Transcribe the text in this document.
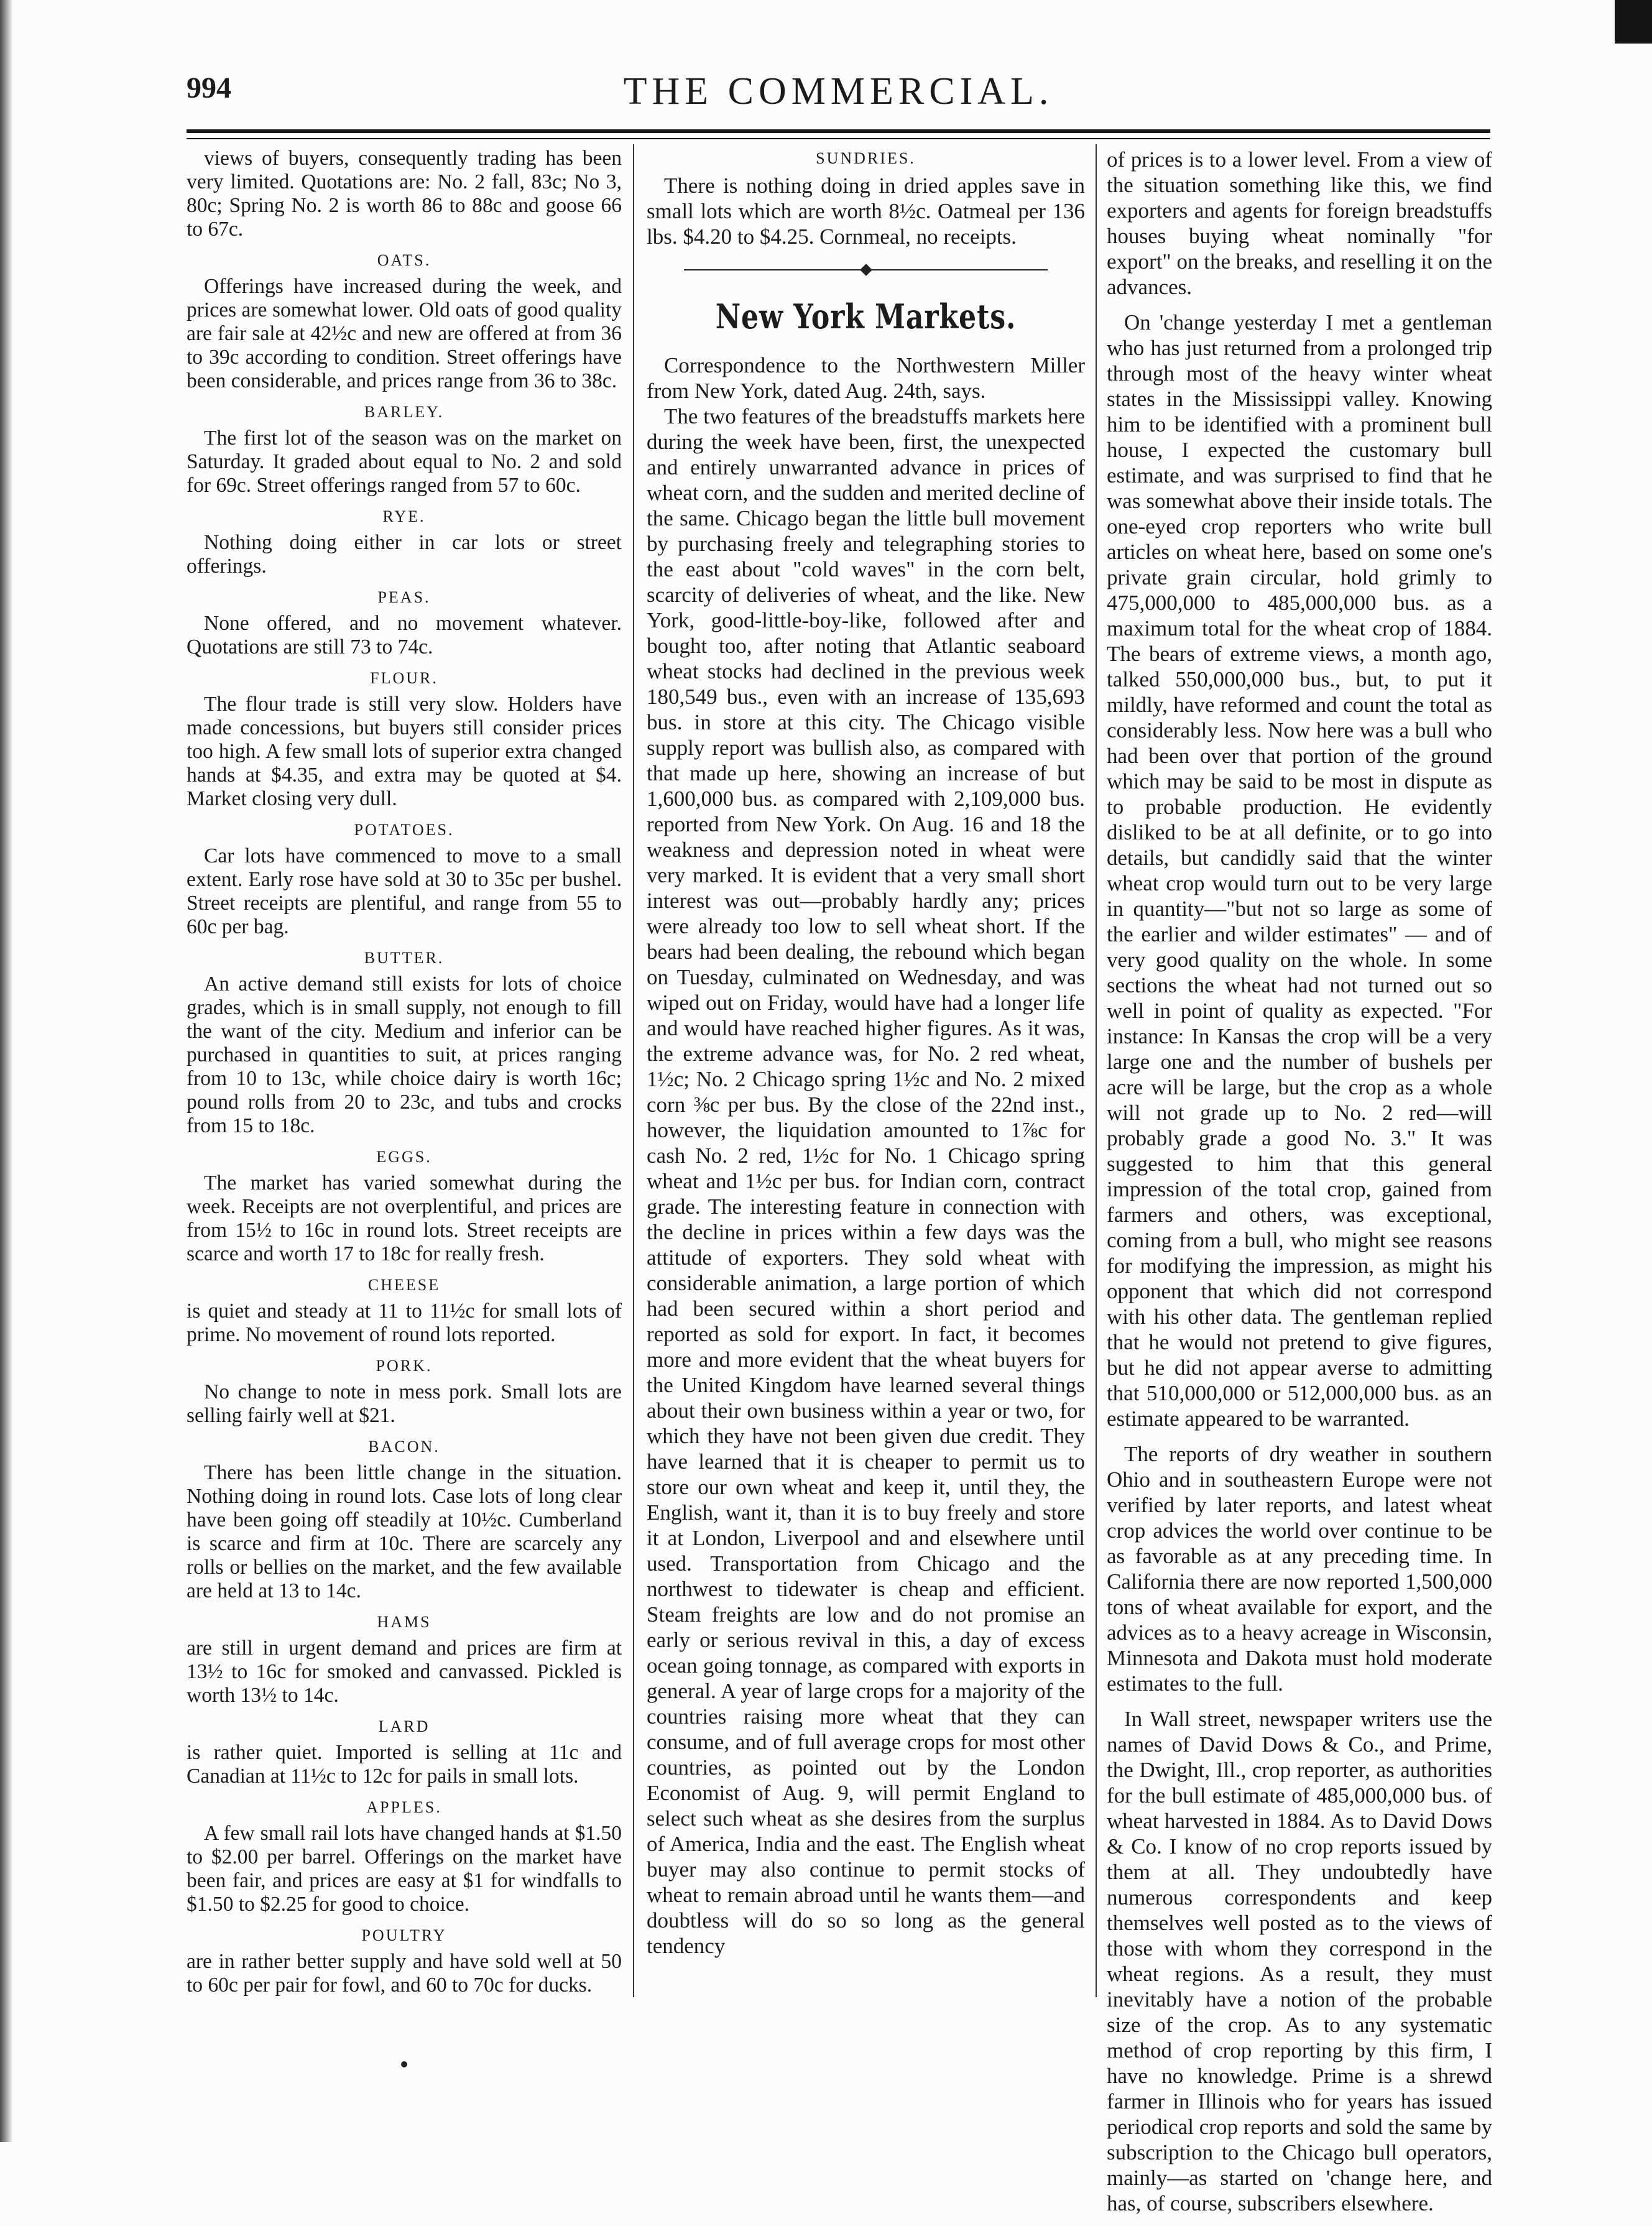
994	THE COMMERCIAL.

views of buyers, consequently trading has been very limited. Quotations are: No. 2 fall, 83c; No 3, 80c; Spring No. 2 is worth 86 to 88c and goose 66 to 67c.

OATS.

Offerings have increased during the week, and prices are somewhat lower. Old oats of good quality are fair sale at 42½c and new are offered at from 36 to 39c according to condition. Street offerings have been considerable, and prices range from 36 to 38c.

BARLEY.

The first lot of the season was on the market on Saturday. It graded about equal to No. 2 and sold for 69c. Street offerings ranged from 57 to 60c.

RYE.

Nothing doing either in car lots or street offerings.

PEAS.

None offered, and no movement whatever. Quotations are still 73 to 74c.

FLOUR.

The flour trade is still very slow. Holders have made concessions, but buyers still consider prices too high. A few small lots of superior extra changed hands at $4.35, and extra may be quoted at $4. Market closing very dull.

POTATOES.

Car lots have commenced to move to a small extent. Early rose have sold at 30 to 35c per bushel. Street receipts are plentiful, and range from 55 to 60c per bag.

BUTTER.

An active demand still exists for lots of choice grades, which is in small supply, not enough to fill the want of the city. Medium and inferior can be purchased in quantities to suit, at prices ranging from 10 to 13c, while choice dairy is worth 16c; pound rolls from 20 to 23c, and tubs and crocks from 15 to 18c.

EGGS.

The market has varied somewhat during the week. Receipts are not overplentiful, and prices are from 15½ to 16c in round lots. Street receipts are scarce and worth 17 to 18c for really fresh.

CHEESE

is quiet and steady at 11 to 11½c for small lots of prime. No movement of round lots reported.

PORK.

No change to note in mess pork. Small lots are selling fairly well at $21.

BACON.

There has been little change in the situation. Nothing doing in round lots. Case lots of long clear have been going off steadily at 10½c. Cumberland is scarce and firm at 10c. There are scarcely any rolls or bellies on the market, and the few available are held at 13 to 14c.

HAMS

are still in urgent demand and prices are firm at 13½ to 16c for smoked and canvassed. Pickled is worth 13½ to 14c.

LARD

is rather quiet. Imported is selling at 11c and Canadian at 11½c to 12c for pails in small lots.

APPLES.

A few small rail lots have changed hands at $1.50 to $2.00 per barrel. Offerings on the market have been fair, and prices are easy at $1 for windfalls to $1.50 to $2.25 for good to choice.

POULTRY

are in rather better supply and have sold well at 50 to 60c per pair for fowl, and 60 to 70c for ducks.

SUNDRIES.

There is nothing doing in dried apples save in small lots which are worth 8½c. Oatmeal per 136 lbs. $4.20 to $4.25. Cornmeal, no receipts.

New York Markets.

Correspondence to the Northwestern Miller from New York, dated Aug. 24th, says.

The two features of the breadstuffs markets here during the week have been, first, the unexpected and entirely unwarranted advance in prices of wheat corn, and the sudden and merited decline of the same. Chicago began the little bull movement by purchasing freely and telegraphing stories to the east about "cold waves" in the corn belt, scarcity of deliveries of wheat, and the like. New York, good-little-boy-like, followed after and bought too, after noting that Atlantic seaboard wheat stocks had declined in the previous week 180,549 bus., even with an increase of 135,693 bus. in store at this city. The Chicago visible supply report was bullish also, as compared with that made up here, showing an increase of but 1,600,000 bus. as compared with 2,109,000 bus. reported from New York. On Aug. 16 and 18 the weakness and depression noted in wheat were very marked. It is evident that a very small short interest was out—probably hardly any; prices were already too low to sell wheat short. If the bears had been dealing, the rebound which began on Tuesday, culminated on Wednesday, and was wiped out on Friday, would have had a longer life and would have reached higher figures. As it was, the extreme advance was, for No. 2 red wheat, 1½c; No. 2 Chicago spring 1½c and No. 2 mixed corn ⅜c per bus. By the close of the 22nd inst., however, the liquidation amounted to 1⅞c for cash No. 2 red, 1½c for No. 1 Chicago spring wheat and 1½c per bus. for Indian corn, contract grade. The interesting feature in connection with the decline in prices within a few days was the attitude of exporters. They sold wheat with considerable animation, a large portion of which had been secured within a short period and reported as sold for export. In fact, it becomes more and more evident that the wheat buyers for the United Kingdom have learned several things about their own business within a year or two, for which they have not been given due credit. They have learned that it is cheaper to permit us to store our own wheat and keep it, until they, the English, want it, than it is to buy freely and store it at London, Liverpool and and elsewhere until used. Transportation from Chicago and the northwest to tidewater is cheap and efficient. Steam freights are low and do not promise an early or serious revival in this, a day of excess ocean going tonnage, as compared with exports in general. A year of large crops for a majority of the countries raising more wheat that they can consume, and of full average crops for most other countries, as pointed out by the London Economist of Aug. 9, will permit England to select such wheat as she desires from the surplus of America, India and the east. The English wheat buyer may also continue to permit stocks of wheat to remain abroad until he wants them—and doubtless will do so so long as the general tendency

of prices is to a lower level. From a view of the situation something like this, we find exporters and agents for foreign breadstuffs houses buying wheat nominally "for export" on the breaks, and reselling it on the advances.

On 'change yesterday I met a gentleman who has just returned from a prolonged trip through most of the heavy winter wheat states in the Mississippi valley. Knowing him to be identified with a prominent bull house, I expected the customary bull estimate, and was surprised to find that he was somewhat above their inside totals. The one-eyed crop reporters who write bull articles on wheat here, based on some one's private grain circular, hold grimly to 475,000,000 to 485,000,000 bus. as a maximum total for the wheat crop of 1884. The bears of extreme views, a month ago, talked 550,000,000 bus., but, to put it mildly, have reformed and count the total as considerably less. Now here was a bull who had been over that portion of the ground which may be said to be most in dispute as to probable production. He evidently disliked to be at all definite, or to go into details, but candidly said that the winter wheat crop would turn out to be very large in quantity—"but not so large as some of the earlier and wilder estimates" — and of very good quality on the whole. In some sections the wheat had not turned out so well in point of quality as expected. "For instance: In Kansas the crop will be a very large one and the number of bushels per acre will be large, but the crop as a whole will not grade up to No. 2 red—will probably grade a good No. 3." It was suggested to him that this general impression of the total crop, gained from farmers and others, was exceptional, coming from a bull, who might see reasons for modifying the impression, as might his opponent that which did not correspond with his other data. The gentleman replied that he would not pretend to give figures, but he did not appear averse to admitting that 510,000,000 or 512,000,000 bus. as an estimate appeared to be warranted.

The reports of dry weather in southern Ohio and in southeastern Europe were not verified by later reports, and latest wheat crop advices the world over continue to be as favorable as at any preceding time. In California there are now reported 1,500,000 tons of wheat available for export, and the advices as to a heavy acreage in Wisconsin, Minnesota and Dakota must hold moderate estimates to the full.

In Wall street, newspaper writers use the names of David Dows & Co., and Prime, the Dwight, Ill., crop reporter, as authorities for the bull estimate of 485,000,000 bus. of wheat harvested in 1884. As to David Dows & Co. I know of no crop reports issued by them at all. They undoubtedly have numerous correspondents and keep themselves well posted as to the views of those with whom they correspond in the wheat regions. As a result, they must inevitably have a notion of the probable size of the crop. As to any systematic method of crop reporting by this firm, I have no knowledge. Prime is a shrewd farmer in Illinois who for years has issued periodical crop reports and sold the same by subscription to the Chicago bull operators, mainly—as started on 'change here, and has, of course, subscribers elsewhere.
